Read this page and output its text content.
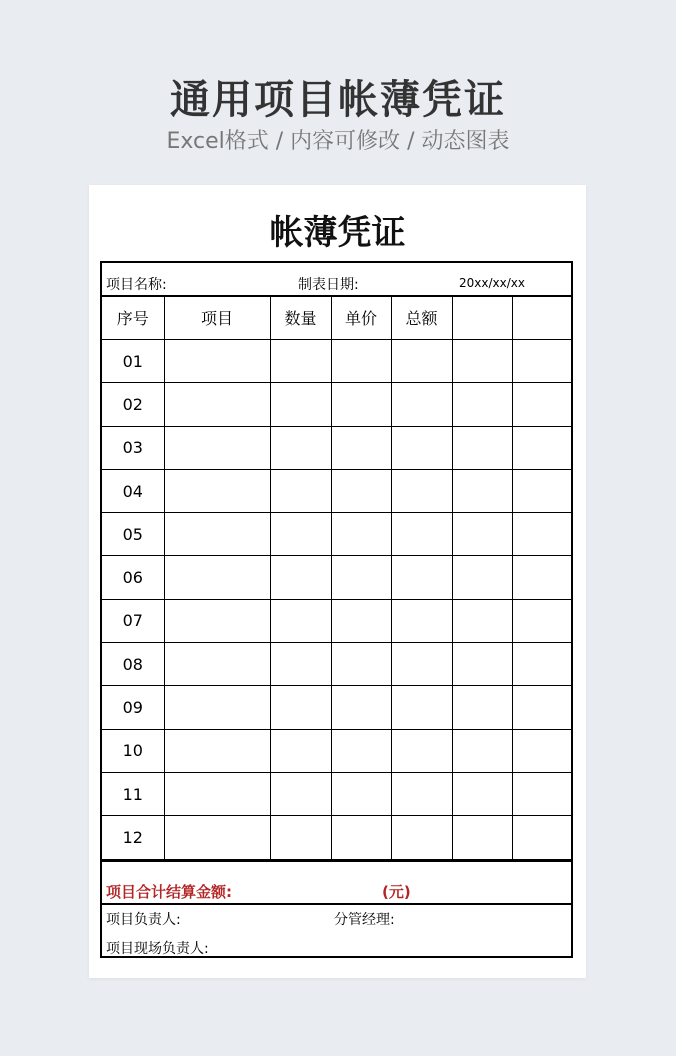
通用项目帐薄凭证
Excel格式 / 内容可修改 / 动态图表
帐薄凭证
项目名称:	制表日期:	20xx/xx/xx
序号	项目	数量	单价	总额		
01						
02						
03						
04						
05						
06						
07						
08						
09						
10						
11						
12						
项目合计结算金额:	(元)
项目负责人:	分管经理:
项目现场负责人:
